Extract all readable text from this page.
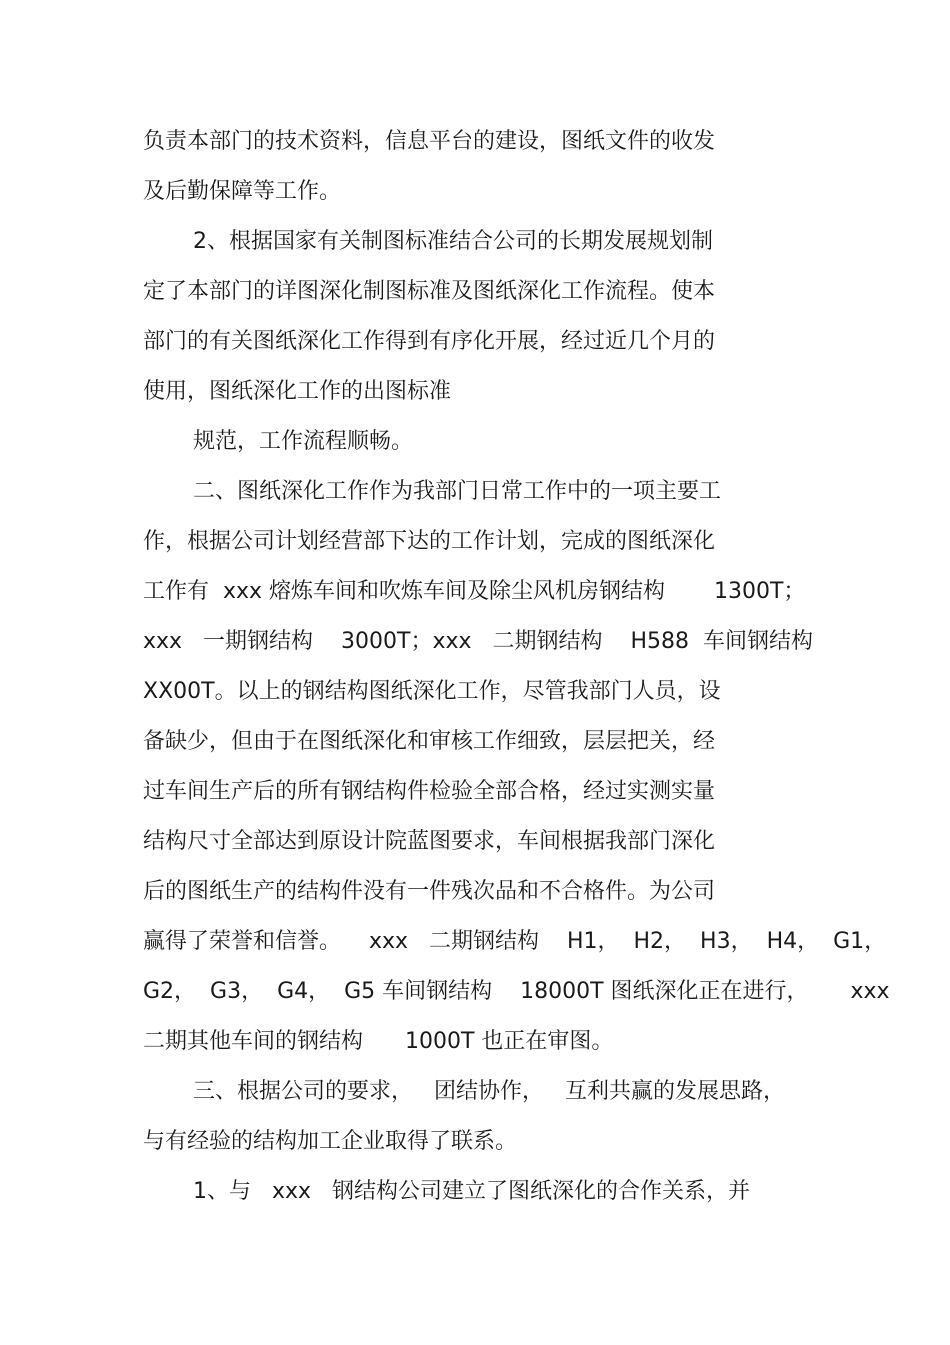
负责本部门的技术资料，信息平台的建设，图纸文件的收发
及后勤保障等工作。
2、根据国家有关制图标准结合公司的长期发展规划制
定了本部门的详图深化制图标准及图纸深化工作流程。使本
部门的有关图纸深化工作得到有序化开展，经过近几个月的
使用，图纸深化工作的出图标准
规范，工作流程顺畅。
二、图纸深化工作作为我部门日常工作中的一项主要工
作，根据公司计划经营部下达的工作计划，完成的图纸深化
工作有  xxx 熔炼车间和吹炼车间及除尘风机房钢结构       1300T；
xxx   一期钢结构    3000T；xxx   二期钢结构    H588  车间钢结构
XX00T。以上的钢结构图纸深化工作，尽管我部门人员，设
备缺少，但由于在图纸深化和审核工作细致，层层把关，经
过车间生产后的所有钢结构件检验全部合格，经过实测实量
结构尺寸全部达到原设计院蓝图要求，车间根据我部门深化
后的图纸生产的结构件没有一件残次品和不合格件。为公司
赢得了荣誉和信誉。    xxx   二期钢结构    H1，  H2，  H3，  H4，  G1，
G2，  G3，  G4，  G5 车间钢结构    18000T 图纸深化正在进行，      xxx
二期其他车间的钢结构      1000T 也正在审图。
三、根据公司的要求，   团结协作，   互利共赢的发展思路，
与有经验的结构加工企业取得了联系。
1、与   xxx   钢结构公司建立了图纸深化的合作关系，并
